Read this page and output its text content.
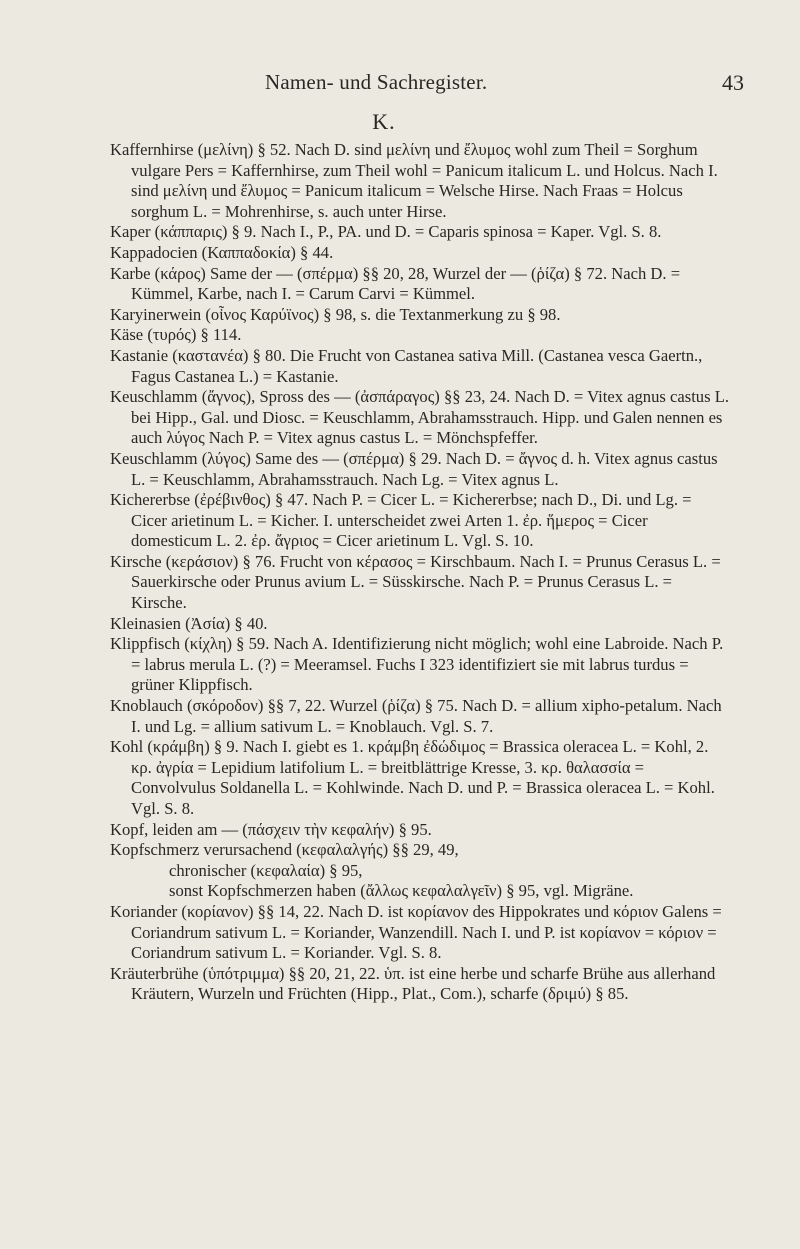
Namen- und Sachregister.	43
K.

Kaffernhirse (μελίνη) § 52. Nach D. sind μελίνη und ἔλυμος wohl zum Theil = Sorghum vulgare Pers = Kaffernhirse, zum Theil wohl = Panicum italicum L. und Holcus. Nach I. sind μελίνη und ἔλυμος = Panicum italicum = Welsche Hirse. Nach Fraas = Holcus sorghum L. = Mohrenhirse, s. auch unter Hirse.

Kaper (κάππαρις) § 9. Nach I., P., PA. und D. = Caparis spinosa = Kaper. Vgl. S. 8.

Kappadocien (Καππαδοκία) § 44.

Karbe (κάρος) Same der — (σπέρμα) §§ 20, 28, Wurzel der — (ῥίζα) § 72. Nach D. = Kümmel, Karbe, nach I. = Carum Carvi = Kümmel.

Karyinerwein (οἶνος Καρύϊνος) § 98, s. die Textanmerkung zu § 98.

Käse (τυρός) § 114.

Kastanie (κασταvέα) § 80. Die Frucht von Castanea sativa Mill. (Castanea vesca Gaertn., Fagus Castanea L.) = Kastanie.

Keuschlamm (ἄγνος), Spross des — (ἀσπάραγος) §§ 23, 24. Nach D. = Vitex agnus castus L. bei Hipp., Gal. und Diosc. = Keuschlamm, Abrahamsstrauch. Hipp. und Galen nennen es auch λύγος Nach P. = Vitex agnus castus L. = Mönchspfeffer.

Keuschlamm (λύγος) Same des — (σπέρμα) § 29. Nach D. = ἄγνος d. h. Vitex agnus castus L. = Keuschlamm, Abrahamsstrauch. Nach Lg. = Vitex agnus L.

Kichererbse (ἐρέβινθος) § 47. Nach P. = Cicer L. = Kichererbse; nach D., Di. und Lg. = Cicer arietinum L. = Kicher. I. unterscheidet zwei Arten 1. ἐρ. ἥμερος = Cicer domesticum L. 2. ἐρ. ἄγριος = Cicer arietinum L. Vgl. S. 10.

Kirsche (κεράσιον) § 76. Frucht von κέρασος = Kirschbaum. Nach I. = Prunus Cerasus L. = Sauerkirsche oder Prunus avium L. = Süsskirsche. Nach P. = Prunus Cerasus L. = Kirsche.

Kleinasien (Ἀσία) § 40.

Klippfisch (κίχλη) § 59. Nach A. Identifizierung nicht möglich; wohl eine Labroide. Nach P. = labrus merula L. (?) = Meeramsel. Fuchs I 323 identifiziert sie mit labrus turdus = grüner Klippfisch.

Knoblauch (σκόροδον) §§ 7, 22. Wurzel (ῥίζα) § 75. Nach D. = allium xipho-petalum. Nach I. und Lg. = allium sativum L. = Knoblauch. Vgl. S. 7.

Kohl (κράμβη) § 9. Nach I. giebt es 1. κράμβη ἐδώδιμος = Brassica oleracea L. = Kohl, 2. κρ. ἀγρία = Lepidium latifolium L. = breitblättrige Kresse, 3. κρ. θαλασσία = Convolvulus Soldanella L. = Kohlwinde. Nach D. und P. = Brassica oleracea L. = Kohl. Vgl. S. 8.

Kopf, leiden am — (πάσχειν τὴν κεφαλήν) § 95.

Kopfschmerz verursachend (κεφαλαλγής) §§ 29, 49,

chronischer (κεφαλαία) § 95,

sonst Kopfschmerzen haben (ἄλλως κεφαλαλγεῖν) § 95, vgl. Migräne.

Koriander (κορίανον) §§ 14, 22. Nach D. ist κορίανον des Hippokrates und κόριον Galens = Coriandrum sativum L. = Koriander, Wanzendill. Nach I. und P. ist κορίανον = κόριον = Coriandrum sativum L. = Koriander. Vgl. S. 8.

Kräuterbrühe (ὑπότριμμα) §§ 20, 21, 22. ὑπ. ist eine herbe und scharfe Brühe aus allerhand Kräutern, Wurzeln und Früchten (Hipp., Plat., Com.), scharfe (δριμύ) § 85.
